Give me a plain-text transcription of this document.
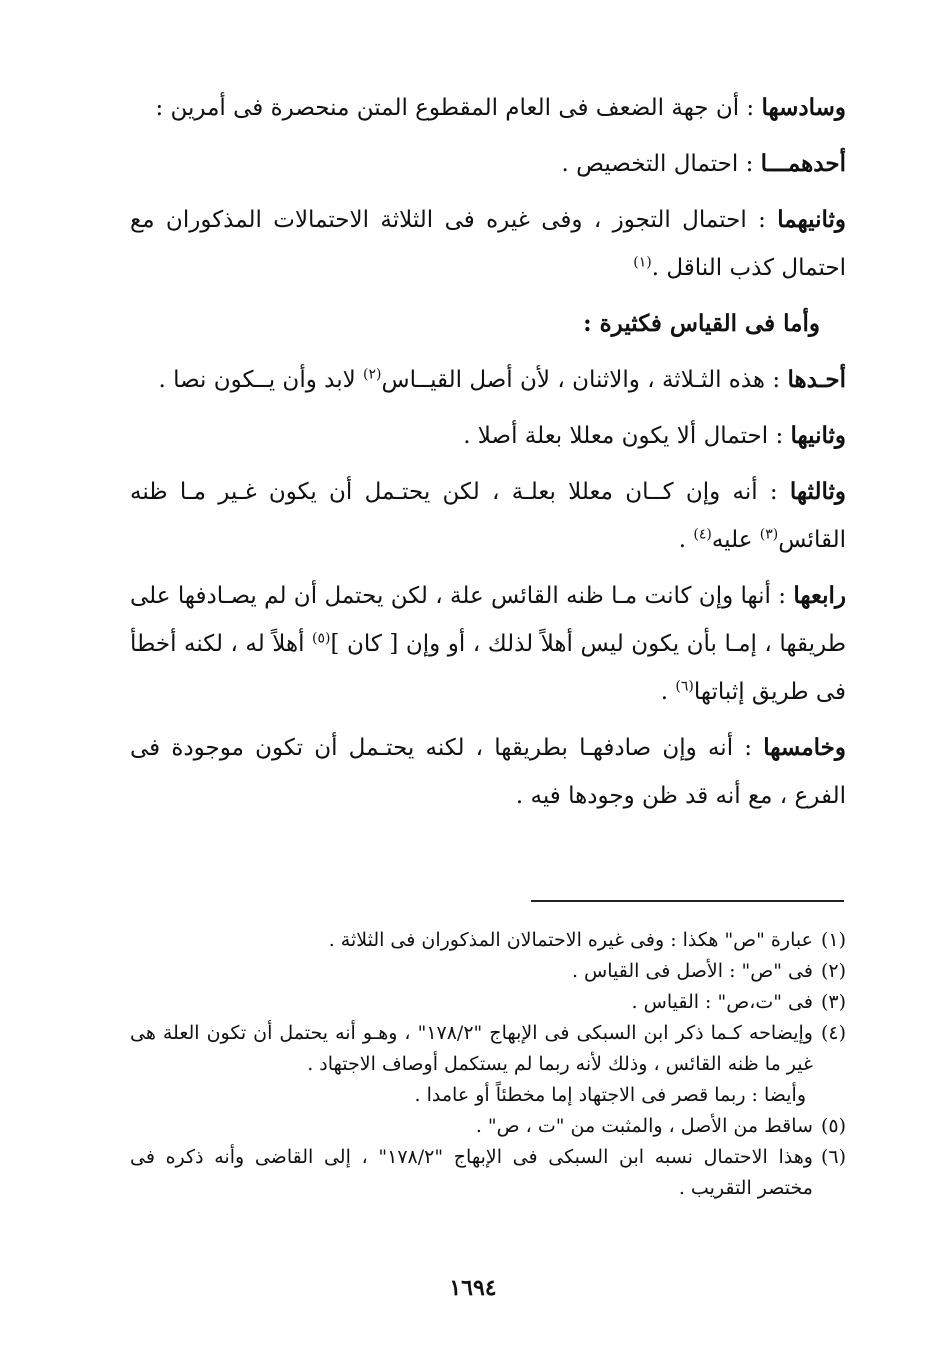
وسادسها : أن جهة الضعف فى العام المقطوع المتن منحصرة فى أمرين :

أحدهمـــا : احتمال التخصيص .

وثانيهما : احتمال التجوز ، وفى غيره فى الثلاثة الاحتمالات المذكوران مع احتمال كذب الناقل .$^{(١)}$

وأما فى القياس فكثيرة :

أحـدها : هذه الثـلاثة ، والاثنان ، لأن أصل القيــاس$^{(٢)}$ لابد وأن يــكون نصا .

وثانيها : احتمال ألا يكون معللا بعلة أصلا .

وثالثها : أنه وإن كــان معللا بعلـة ، لكن يحتـمل أن يكون غـير مـا ظنه القائس$^{(٣)}$ عليه$^{(٤)}$ .

رابعها : أنها وإن كانت مـا ظنه القائس علة ، لكن يحتمل أن لم يصـادفها على طريقها ، إمـا بأن يكون ليس أهلاً لذلك ، أو وإن [ كان ]$^{(٥)}$ أهلاً له ، لكنه أخطأ فى طريق إثباتها$^{(٦)}$ .

وخامسها : أنه وإن صادفهـا بطريقها ، لكنه يحتـمل أن تكون موجودة فى الفرع ، مع أنه قد ظن وجودها فيه .

(١)
عبارة "ص" هكذا : وفى غيره الاحتمالان المذكوران فى الثلاثة .
(٢)
فى "ص" : الأصل فى القياس .
(٣)
فى "ت،ص" : القياس .
(٤)
وإيضاحه كـما ذكر ابن السبكى فى الإبهاج "١٧٨/٢" ، وهـو أنه يحتمل أن تكون العلة هى غير ما ظنه القائس ، وذلك لأنه ربما لم يستكمل أوصاف الاجتهاد .
وأيضا : ربما قصر فى الاجتهاد إما مخطئاً أو عامدا .
(٥)
ساقط من الأصل ، والمثبت من "ت ، ص" .
(٦)
وهذا الاحتمال نسبه ابن السبكى فى الإبهاج "١٧٨/٢" ، إلى القاضى وأنه ذكره فى مختصر التقريب .
١٦٩٤
